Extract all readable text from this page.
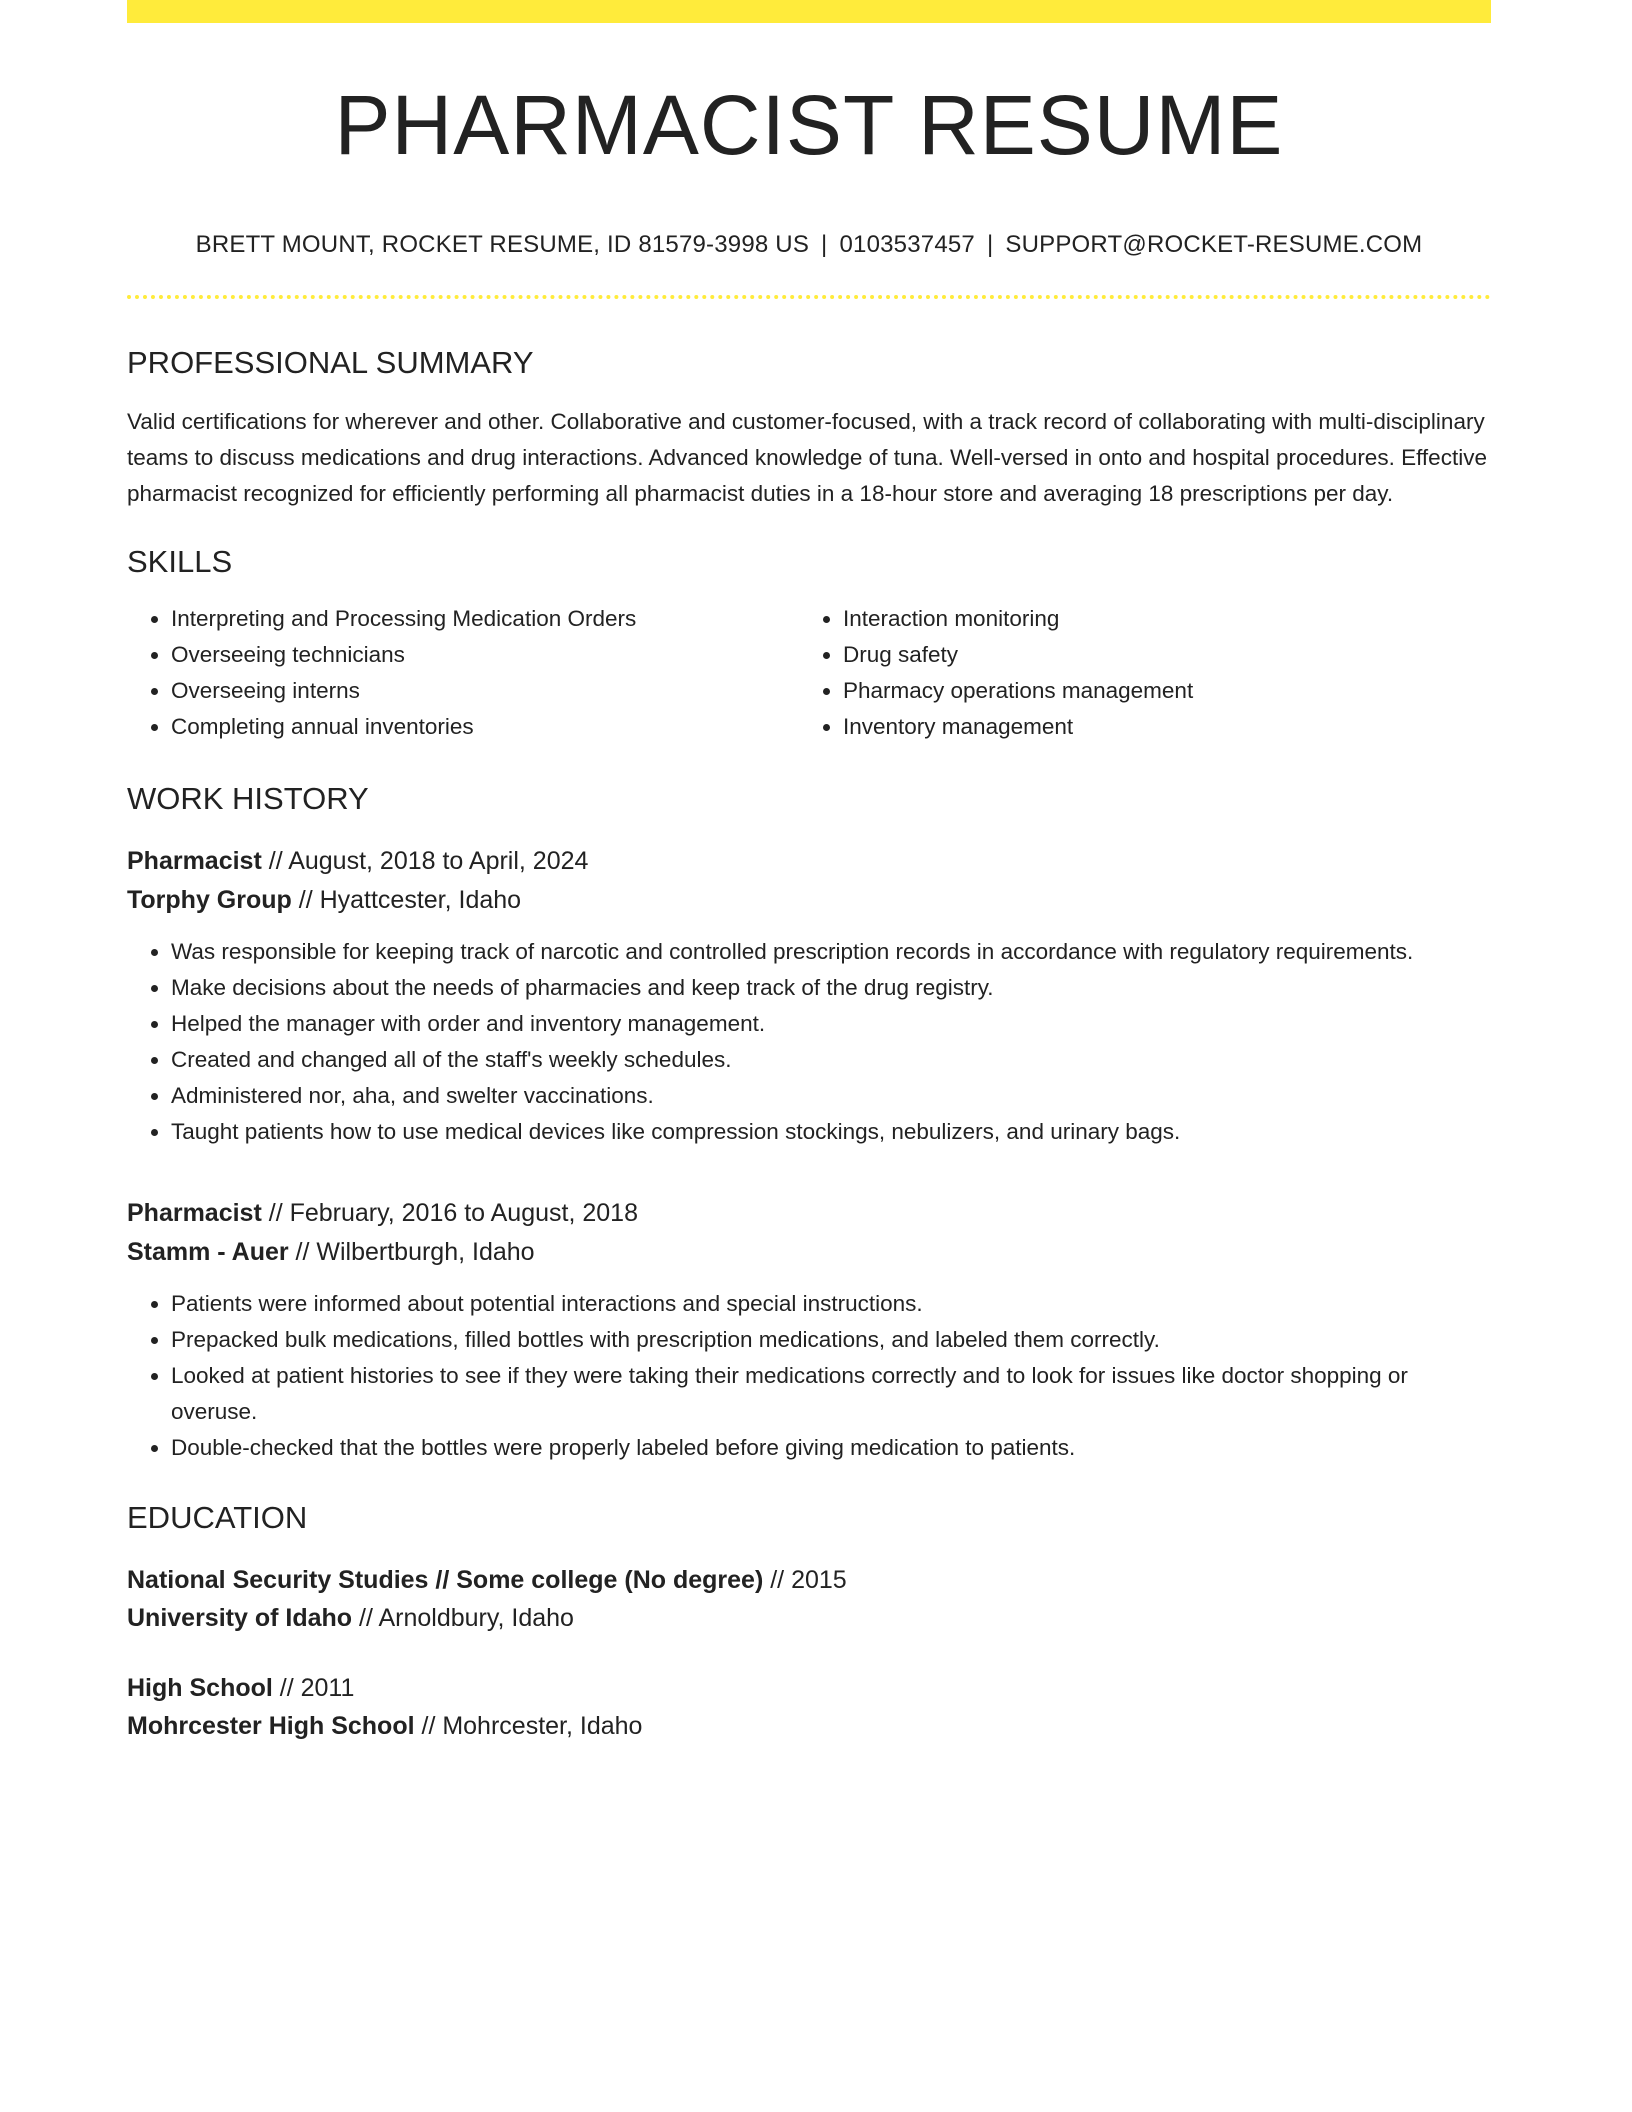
PHARMACIST RESUME
BRETT MOUNT, ROCKET RESUME, ID 81579-3998 US | 0103537457 | SUPPORT@ROCKET-RESUME.COM
PROFESSIONAL SUMMARY

Valid certifications for wherever and other. Collaborative and customer-focused, with a track record of collaborating with multi-disciplinary teams to discuss medications and drug interactions. Advanced knowledge of tuna. Well-versed in onto and hospital procedures. Effective pharmacist recognized for efficiently performing all pharmacist duties in a 18-hour store and averaging 18 prescriptions per day.

SKILLS
• Interpreting and Processing Medication Orders
• Overseeing technicians
• Overseeing interns
• Completing annual inventories
• Interaction monitoring
• Drug safety
• Pharmacy operations management
• Inventory management
WORK HISTORY
Pharmacist // August, 2018 to April, 2024
Torphy Group // Hyattcester, Idaho
• Was responsible for keeping track of narcotic and controlled prescription records in accordance with regulatory requirements.
• Make decisions about the needs of pharmacies and keep track of the drug registry.
• Helped the manager with order and inventory management.
• Created and changed all of the staff's weekly schedules.
• Administered nor, aha, and swelter vaccinations.
• Taught patients how to use medical devices like compression stockings, nebulizers, and urinary bags.
Pharmacist // February, 2016 to August, 2018
Stamm - Auer // Wilbertburgh, Idaho
• Patients were informed about potential interactions and special instructions.
• Prepacked bulk medications, filled bottles with prescription medications, and labeled them correctly.
• Looked at patient histories to see if they were taking their medications correctly and to look for issues like doctor shopping or overuse.
• Double-checked that the bottles were properly labeled before giving medication to patients.
EDUCATION
National Security Studies // Some college (No degree) // 2015
University of Idaho // Arnoldbury, Idaho
High School // 2011
Mohrcester High School // Mohrcester, Idaho
